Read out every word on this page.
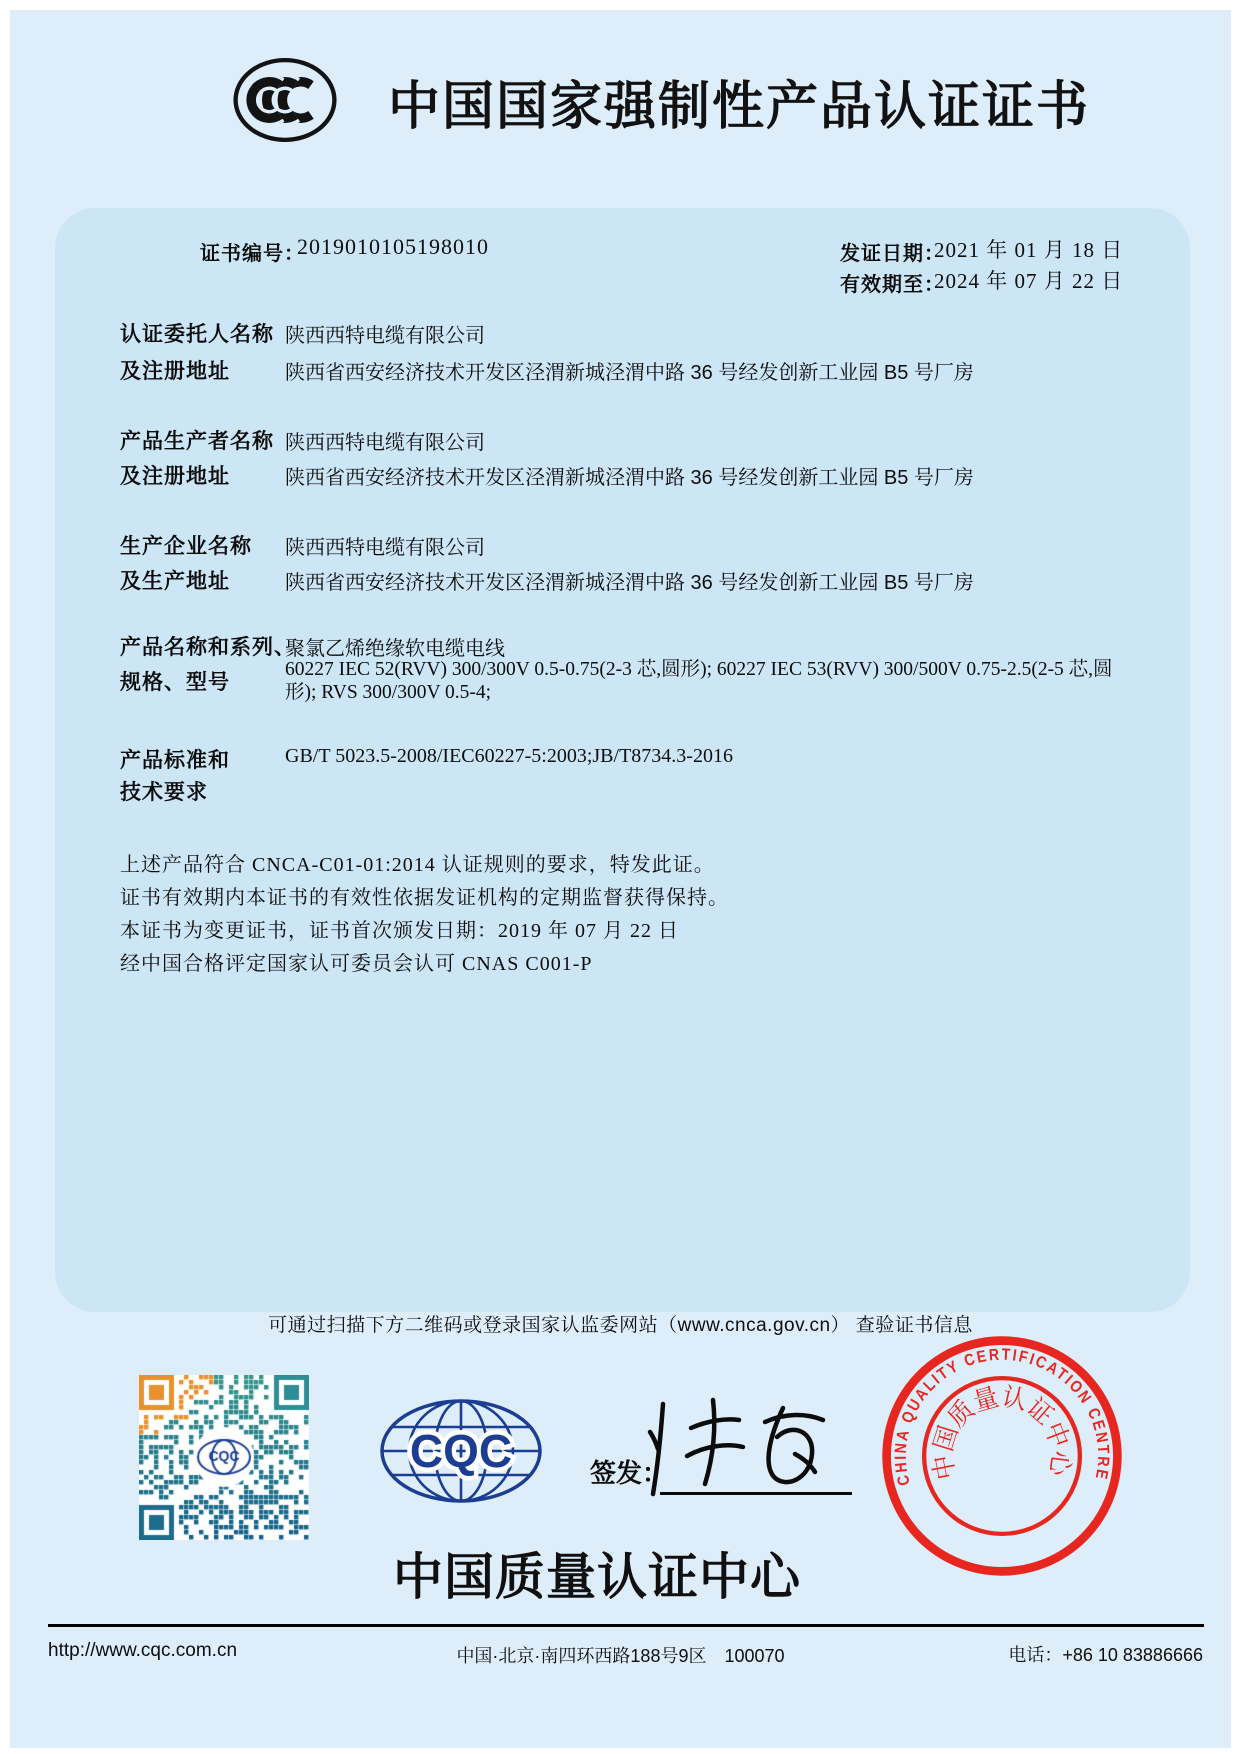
中国国家强制性产品认证证书
证书编号：
2019010105198010	发证日期：
2021 年 01 月 18 日
有效期至：
2024 年 07 月 22 日
认证委托人名称 陕西西特电缆有限公司
及注册地址	陕西省西安经济技术开发区泾渭新城泾渭中路 36 号经发创新工业园 B5 号厂房
产品生产者名称 陕西西特电缆有限公司
及注册地址	陕西省西安经济技术开发区泾渭新城泾渭中路 36 号经发创新工业园 B5 号厂房
生产企业名称 陕西西特电缆有限公司
及生产地址	陕西省西安经济技术开发区泾渭新城泾渭中路 36 号经发创新工业园 B5 号厂房
产品名称和系列、
聚氯乙烯绝缘软电缆电线
规格、型号
60227 IEC 52(RVV) 300/300V 0.5-0.75(2-3 芯,圆形); 60227 IEC 53(RVV) 300/500V 0.75-2.5(2-5 芯,圆形); RVS 300/300V 0.5-4;
产品标准和	GB/T 5023.5-2008/IEC60227-5:2003;JB/T8734.3-2016
技术要求
上述产品符合 CNCA-C01-01:2014 认证规则的要求，特发此证。
证书有效期内本证书的有效性依据发证机构的定期监督获得保持。
本证书为变更证书，证书首次颁发日期：2019 年 07 月 22 日
经中国合格评定国家认可委员会认可 CNAS C001-P
可通过扫描下方二维码或登录国家认监委网站（www.cnca.gov.cn） 查验证书信息
CQC	签发：
中国质量认证中心
CHINA QUALITY CERTIFICATION CENTRE
中国质量认证中心
http://www.cqc.com.cn	中国·北京·南四环西路188号9区　100070	电话：+86 10 83886666
